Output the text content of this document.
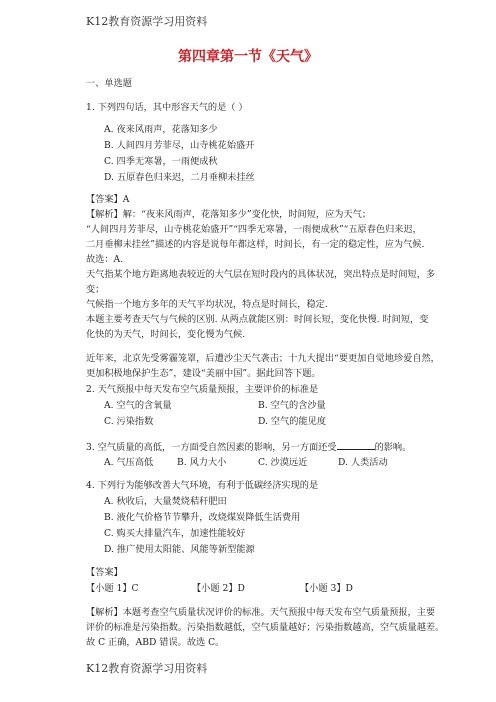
K12教育资源学习用资料
第四章第一节《天气》
一、单选题
1. 下列四句话，其中形容天气的是（ ）
A. 夜来风雨声，花落知多少
B. 人间四月芳菲尽，山寺桃花始盛开
C. 四季无寒暑，一雨便成秋
D. 五原春色归来迟，二月垂柳未挂丝
【答案】A
【解析】解：“夜来风雨声，花落知多少”变化快，时间短，应为天气；
“人间四月芳菲尽，山寺桃花始盛开”“四季无寒暑，一雨便成秋”“五原春色归来迟，
二月垂柳未挂丝”描述的内容是说每年都这样，时间长，有一定的稳定性，应为气候.
故选：A.
天气指某个地方距离地表较近的大气层在短时段内的具体状况，突出特点是时间短，多
变；
气候指一个地方多年的天气平均状况，特点是时间长，稳定.
本题主要考查天气与气候的区别. 从两点就能区别：时间长短，变化快慢. 时间短，变
化快的为天气，时间长，变化慢为气候.
近年来，北京先受雾霾笼罩，后遭沙尘天气袭击；十九大提出“要更加自觉地珍爱自然，
更加积极地保护生态”，建设“美丽中国”。据此回答下题。
2. 天气预报中每天发布空气质量预报，主要评价的标准是
A. 空气的含氧量	B. 空气的含沙量
C. 污染指数	D. 空气的能见度
3. 空气质量的高低，一方面受自然因素的影响，另一方面还受	的影响。
A. 气压高低	B. 风力大小	C. 沙漠远近	D. 人类活动
4. 下列行为能够改善大气环境，有利于低碳经济实现的是
A. 秋收后，大量焚烧秸秆肥田
B. 液化气价格节节攀升，改烧煤炭降低生活费用
C. 购买大排量汽车，加速性能较好
D. 推广使用太阳能、风能等新型能源
【答案】
【小题 1】C	【小题 2】D	【小题 3】D
【解析】本题考查空气质量状况评价的标准。天气预报中每天发布空气质量预报，主要
评价的标准是污染指数。污染指数越低，空气质量越好；污染指数越高，空气质量越差。
故 C 正确，ABD 错误。故选 C。
K12教育资源学习用资料
